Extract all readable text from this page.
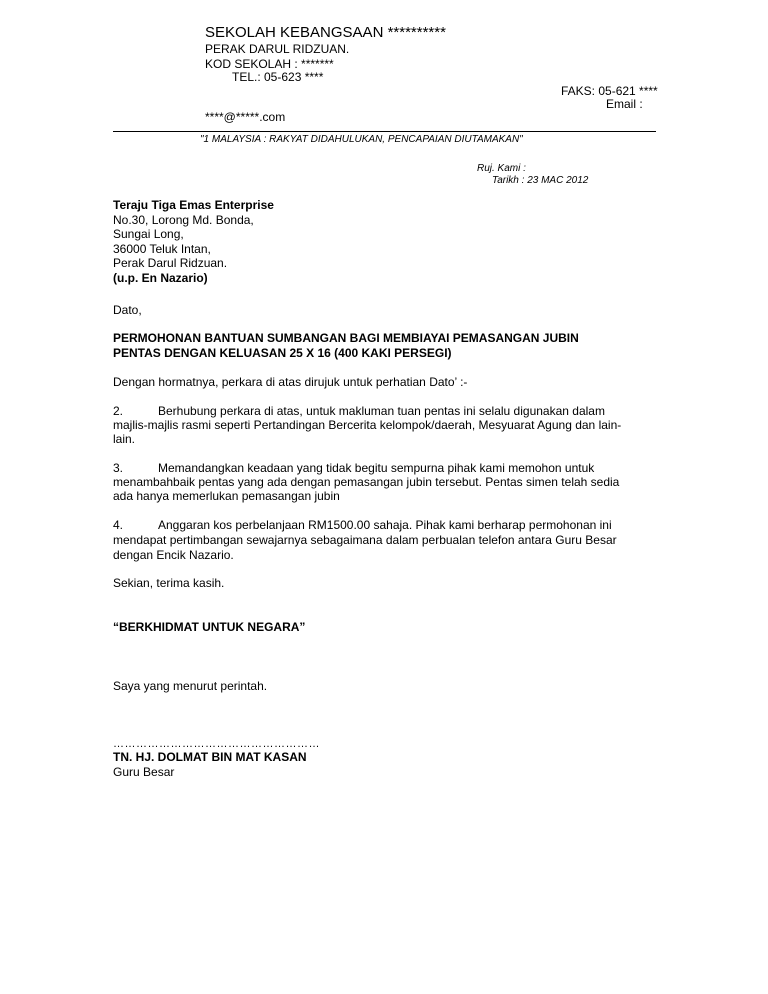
SEKOLAH KEBANGSAAN **********
PERAK DARUL RIDZUAN.
KOD SEKOLAH : *******
TEL.: 05-623 ****
FAKS: 05-621 ****
Email :
****@*****.com
"1 MALAYSIA : RAKYAT DIDAHULUKAN, PENCAPAIAN DIUTAMAKAN"
Ruj. Kami :
Tarikh : 23 MAC 2012
Teraju Tiga Emas Enterprise
No.30, Lorong Md. Bonda,
Sungai Long,
36000 Teluk Intan,
Perak Darul Ridzuan.
(u.p. En Nazario)
Dato,
PERMOHONAN BANTUAN SUMBANGAN BAGI MEMBIAYAI PEMASANGAN JUBIN
PENTAS DENGAN KELUASAN 25 X 16 (400 KAKI PERSEGI)
Dengan hormatnya, perkara di atas dirujuk untuk perhatian Dato’ :-
2.	Berhubung perkara di atas, untuk makluman tuan pentas ini selalu digunakan dalam
majlis-majlis rasmi seperti Pertandingan Bercerita kelompok/daerah, Mesyuarat Agung dan lain-
lain.
3.	Memandangkan keadaan yang tidak begitu sempurna pihak kami memohon untuk
menambahbaik pentas yang ada dengan pemasangan jubin tersebut. Pentas simen telah sedia
ada hanya memerlukan pemasangan jubin
4.	Anggaran kos perbelanjaan RM1500.00 sahaja. Pihak kami berharap permohonan ini
mendapat pertimbangan sewajarnya sebagaimana dalam perbualan telefon antara Guru Besar
dengan Encik Nazario.
Sekian, terima kasih.
“BERKHIDMAT UNTUK NEGARA”
Saya yang menurut perintah.
………………………………………………
TN. HJ. DOLMAT BIN MAT KASAN
Guru Besar
